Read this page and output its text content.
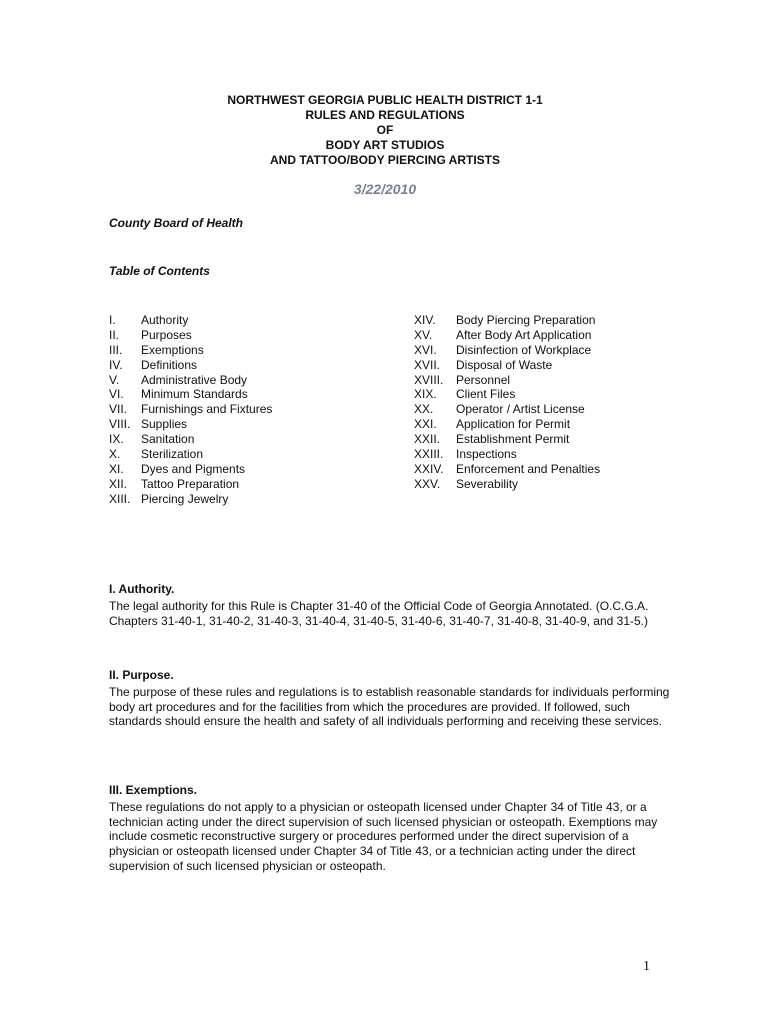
NORTHWEST GEORGIA PUBLIC HEALTH DISTRICT 1-1
RULES AND REGULATIONS
OF
BODY ART STUDIOS
AND TATTOO/BODY PIERCING ARTISTS
3/22/2010
County Board of Health
Table of Contents
I. Authority
II. Purposes
III. Exemptions
IV. Definitions
V. Administrative Body
VI. Minimum Standards
VII. Furnishings and Fixtures
VIII. Supplies
IX. Sanitation
X. Sterilization
XI. Dyes and Pigments
XII. Tattoo Preparation
XIII. Piercing Jewelry
XIV. Body Piercing Preparation
XV. After Body Art Application
XVI. Disinfection of Workplace
XVII. Disposal of Waste
XVIII. Personnel
XIX. Client Files
XX. Operator / Artist License
XXI. Application for Permit
XXII. Establishment Permit
XXIII. Inspections
XXIV. Enforcement and Penalties
XXV. Severability
I. Authority.

The legal authority for this Rule is Chapter 31-40 of the Official Code of Georgia Annotated. (O.C.G.A. Chapters 31-40-1, 31-40-2, 31-40-3, 31-40-4, 31-40-5, 31-40-6, 31-40-7, 31-40-8, 31-40-9, and 31-5.)

II. Purpose.

The purpose of these rules and regulations is to establish reasonable standards for individuals performing body art procedures and for the facilities from which the procedures are provided. If followed, such standards should ensure the health and safety of all individuals performing and receiving these services.

III. Exemptions.

These regulations do not apply to a physician or osteopath licensed under Chapter 34 of Title 43, or a technician acting under the direct supervision of such licensed physician or osteopath. Exemptions may include cosmetic reconstructive surgery or procedures performed under the direct supervision of a physician or osteopath licensed under Chapter 34 of Title 43, or a technician acting under the direct supervision of such licensed physician or osteopath.

1
